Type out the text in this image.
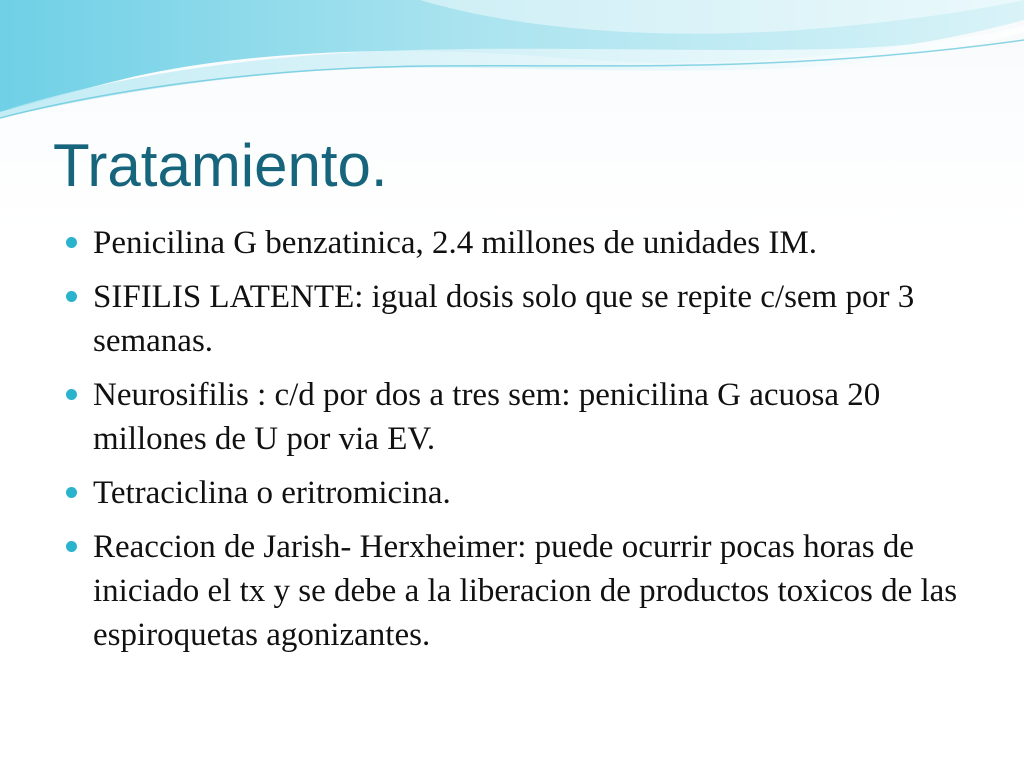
Tratamiento.
Penicilina G benzatinica, 2.4 millones de unidades IM.
SIFILIS LATENTE: igual dosis solo que se repite c/sem por 3 semanas.
Neurosifilis : c/d por dos a tres sem: penicilina G acuosa 20 millones de U por via EV.
Tetraciclina o eritromicina.
Reaccion de Jarish- Herxheimer: puede ocurrir pocas horas de iniciado el tx y se debe a la liberacion de productos toxicos de las espiroquetas agonizantes.
